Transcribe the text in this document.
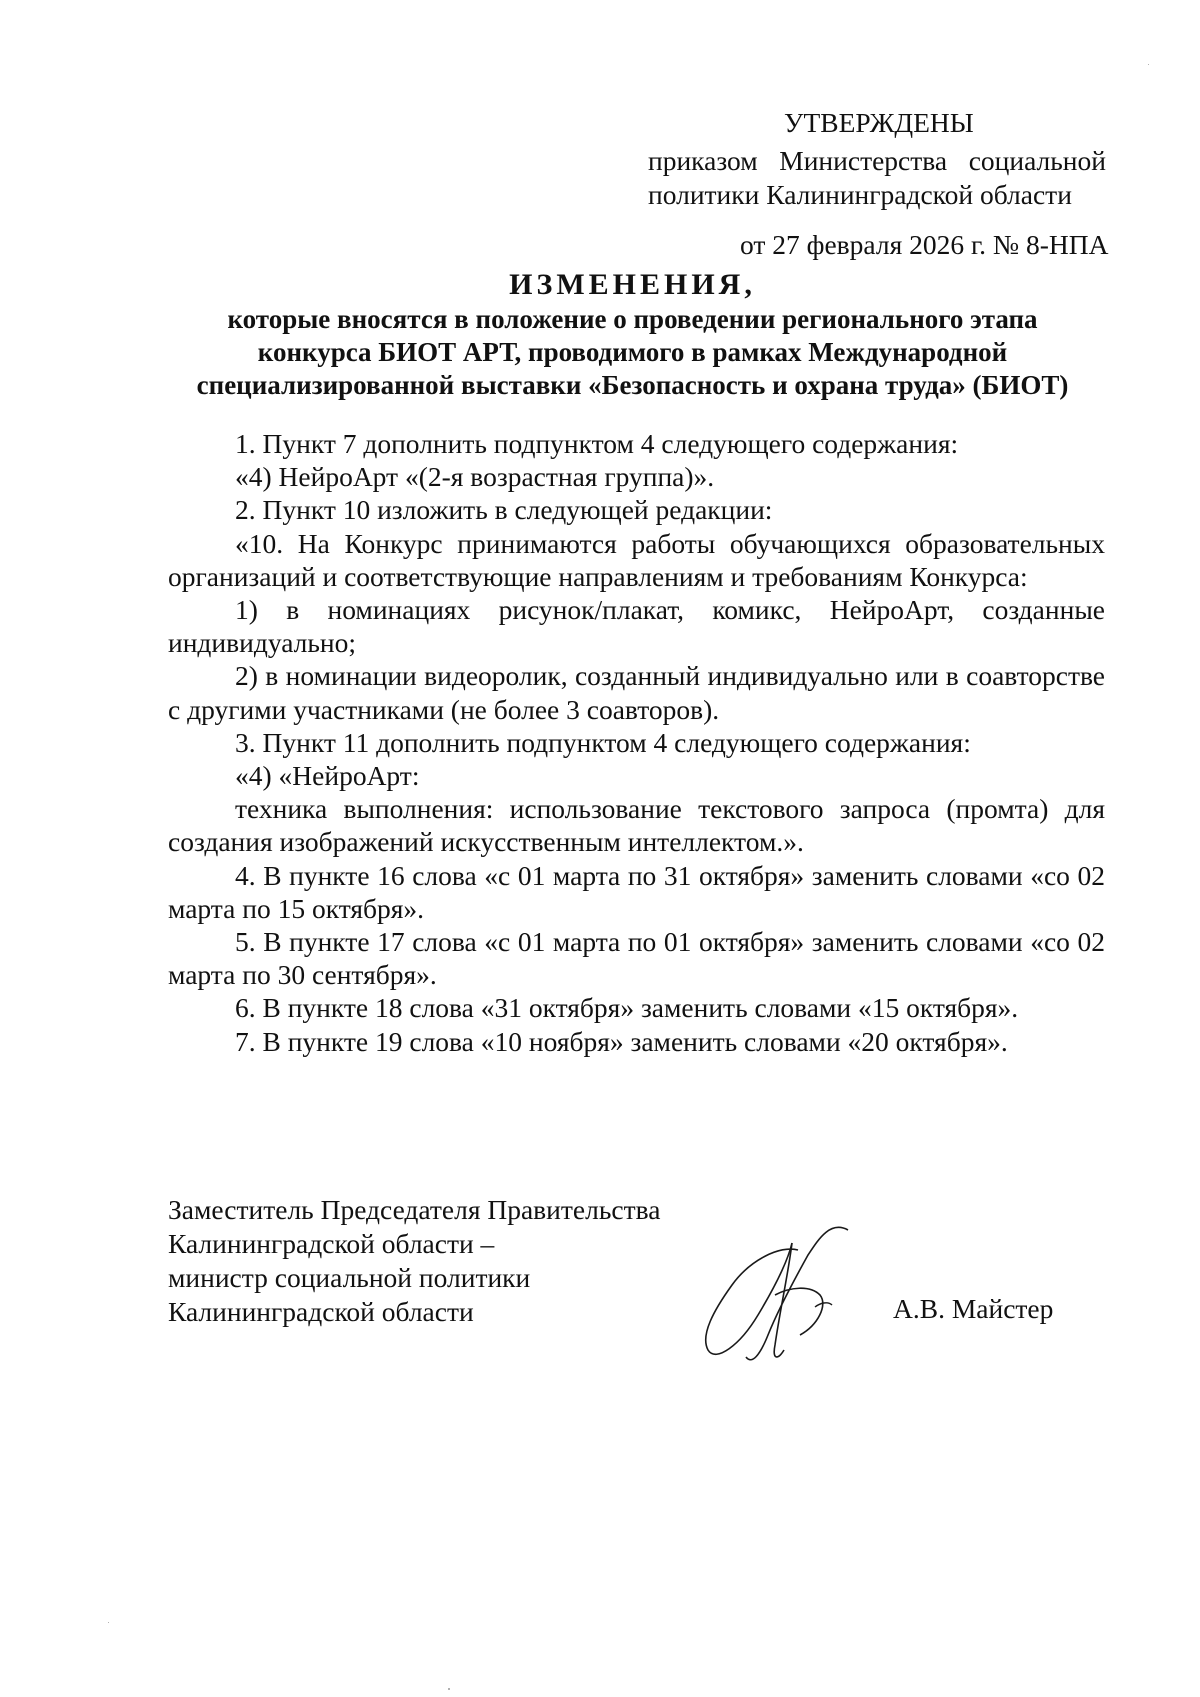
УТВЕРЖДЕНЫ
приказом Министерства социальной
политики Калининградской области
от 27 февраля 2026 г. № 8-НПА
ИЗМЕНЕНИЯ,
которые вносятся в положение о проведении регионального этапа
конкурса БИОТ АРТ, проводимого в рамках Международной
специализированной выставки «Безопасность и охрана труда» (БИОТ)

1. Пункт 7 дополнить подпунктом 4 следующего содержания:

«4) НейроАрт «(2-я возрастная группа)».

2. Пункт 10 изложить в следующей редакции:

«10. На Конкурс принимаются работы обучающихся образовательных организаций и соответствующие направлениям и требованиям Конкурса:

1) в номинациях рисунок/плакат, комикс, НейроАрт, созданные индивидуально;

2) в номинации видеоролик, созданный индивидуально или в соавторстве с другими участниками (не более 3 соавторов).

3. Пункт 11 дополнить подпунктом 4 следующего содержания:

«4) «НейроАрт:

техника выполнения: использование текстового запроса (промта) для создания изображений искусственным интеллектом.».

4. В пункте 16 слова «с 01 марта по 31 октября» заменить словами «со 02 марта по 15 октября».

5. В пункте 17 слова «с 01 марта по 01 октября» заменить словами «со 02 марта по 30 сентября».

6. В пункте 18 слова «31 октября» заменить словами «15 октября».

7. В пункте 19 слова «10 ноября» заменить словами «20 октября».

Заместитель Председателя Правительства
Калининградской области –
министр социальной политики
Калининградской области	А.В. Майстер
